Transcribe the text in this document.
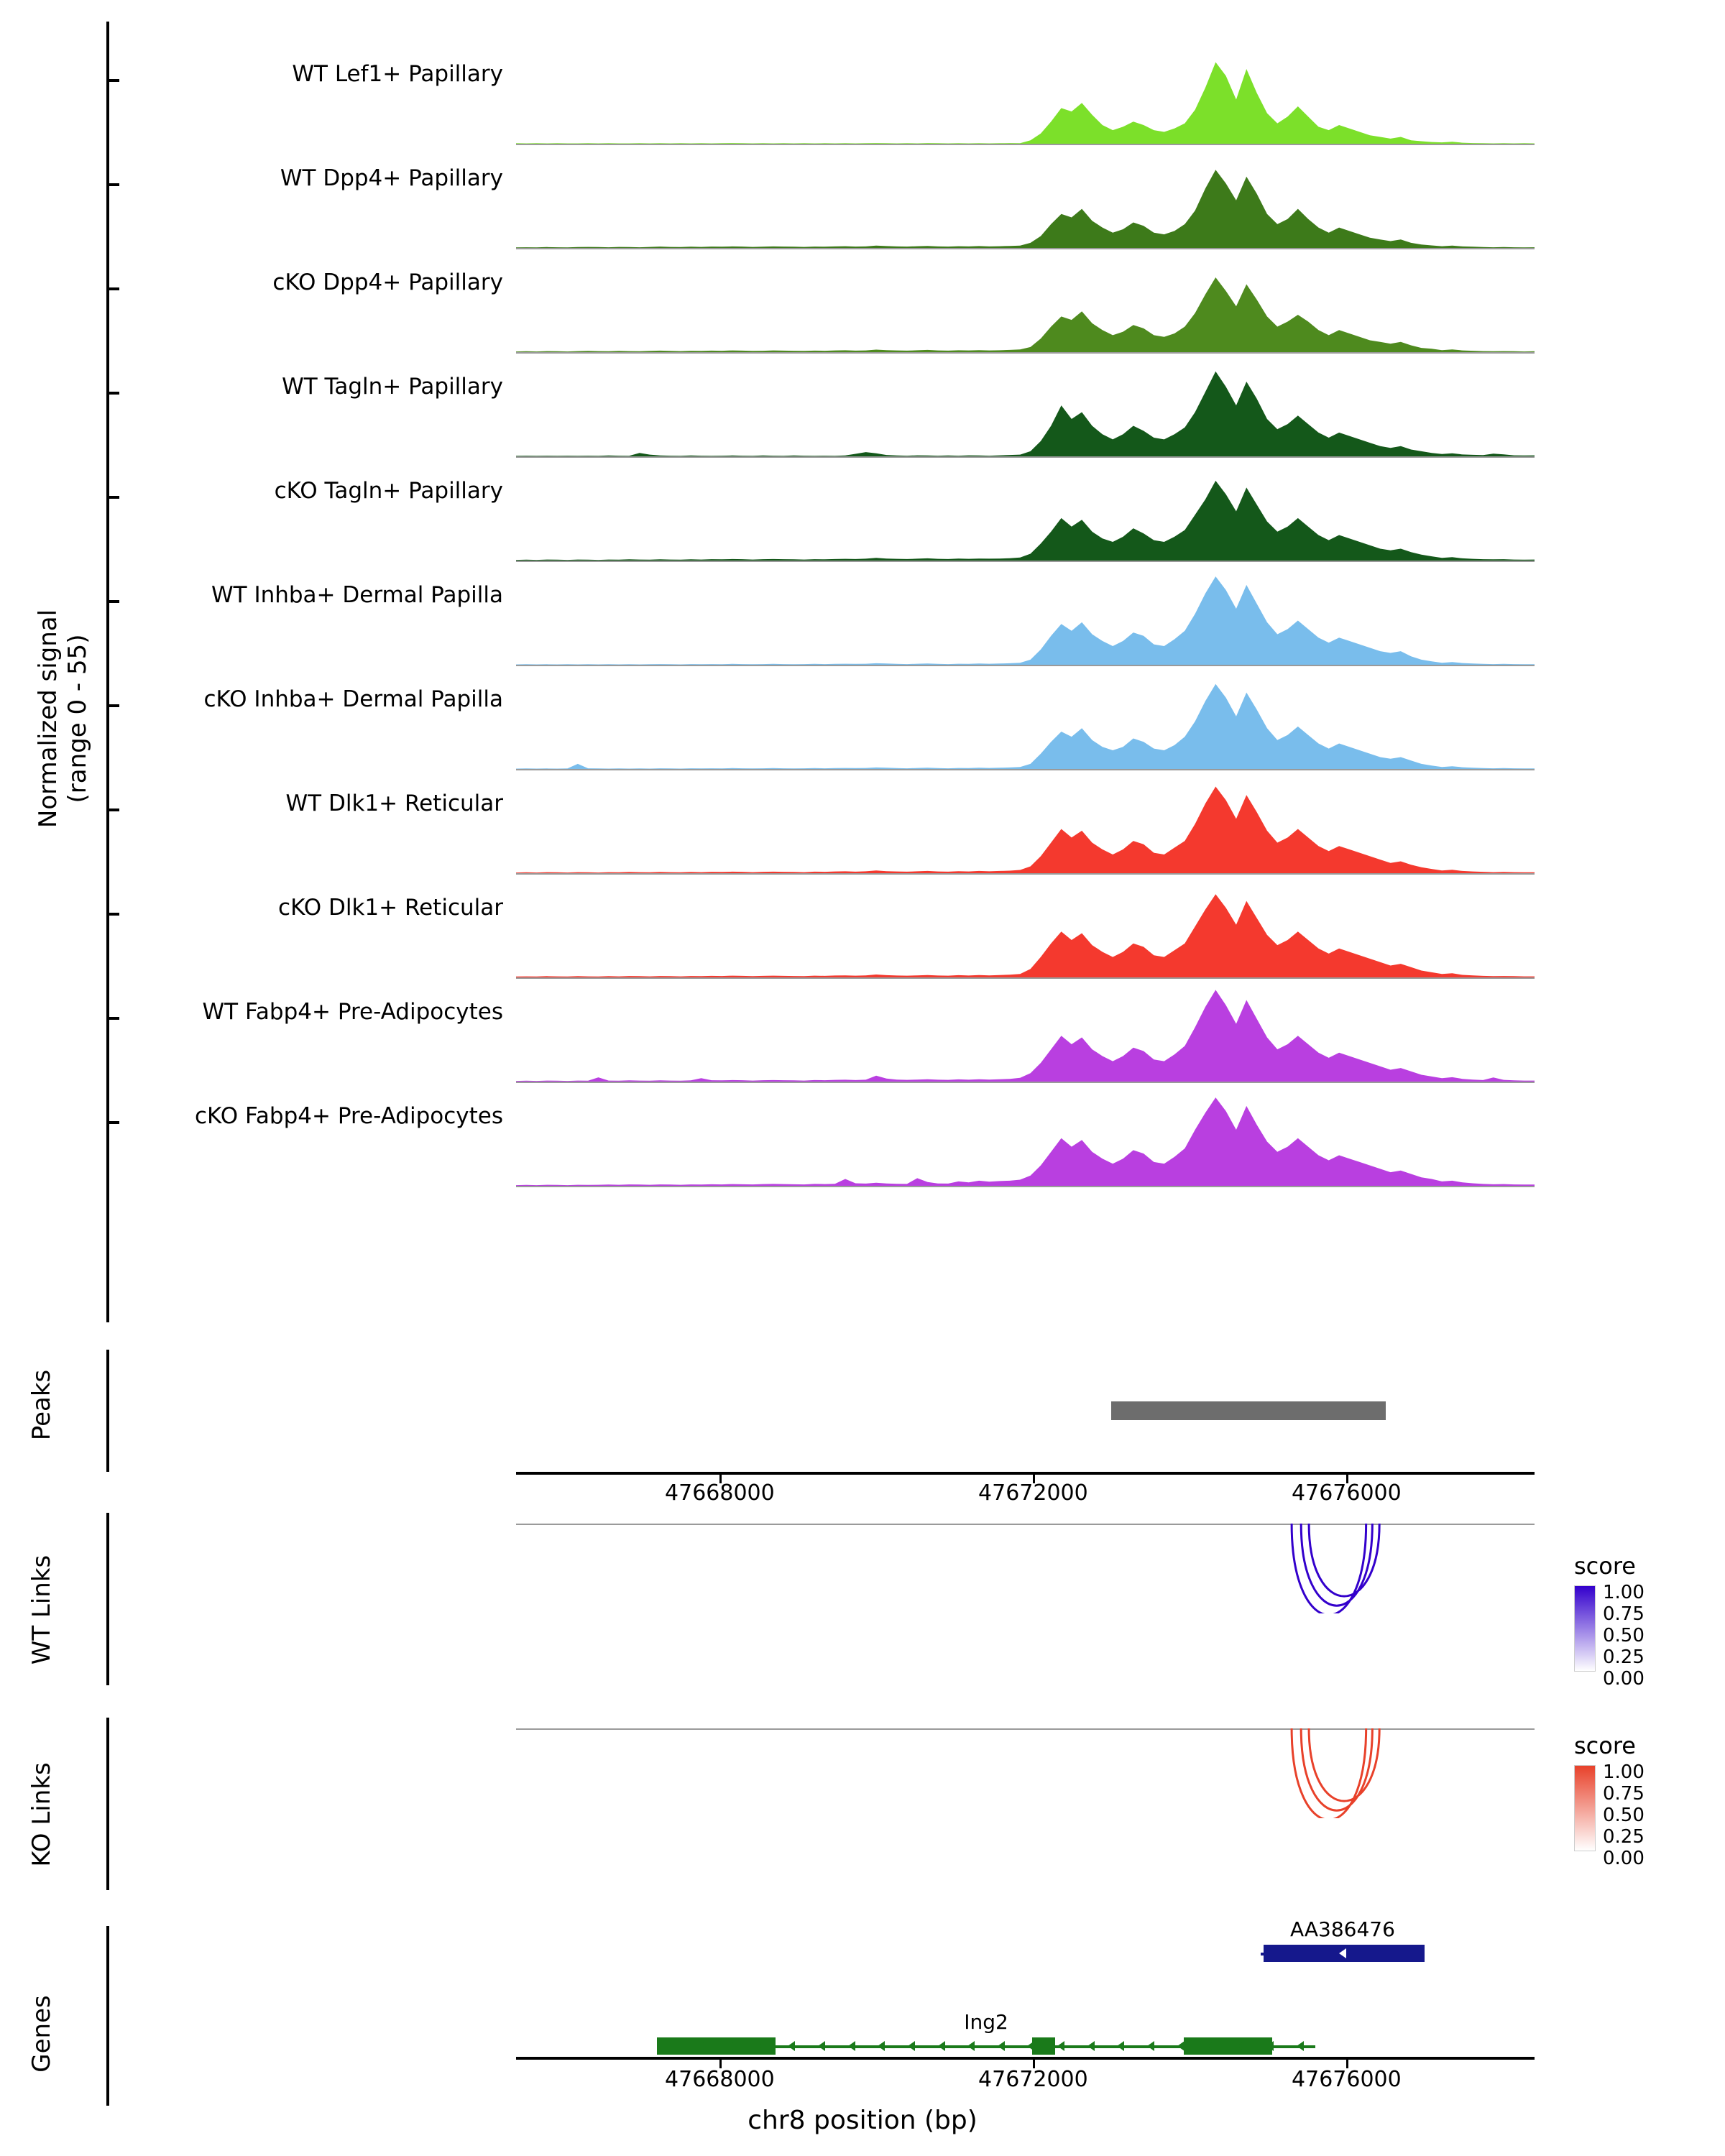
WT Lef1+ Papillary
WT Dpp4+ Papillary
cKO Dpp4+ Papillary
WT Tagln+ Papillary
cKO Tagln+ Papillary
WT Inhba+ Dermal Papilla
cKO Inhba+ Dermal Papilla
WT Dlk1+ Reticular
cKO Dlk1+ Reticular
WT Fabp4+ Pre-Adipocytes
cKO Fabp4+ Pre-Adipocytes
Normalized signal (range 0 - 55)
Peaks
47668000	47672000	47676000
WT Links	score
1.00
0.75
0.50
0.25
0.00
KO Links
score
1.00
0.75
0.50
0.25
0.00
AA386476
Ing2
Genes
47668000	47672000	47676000
chr8 position (bp)
